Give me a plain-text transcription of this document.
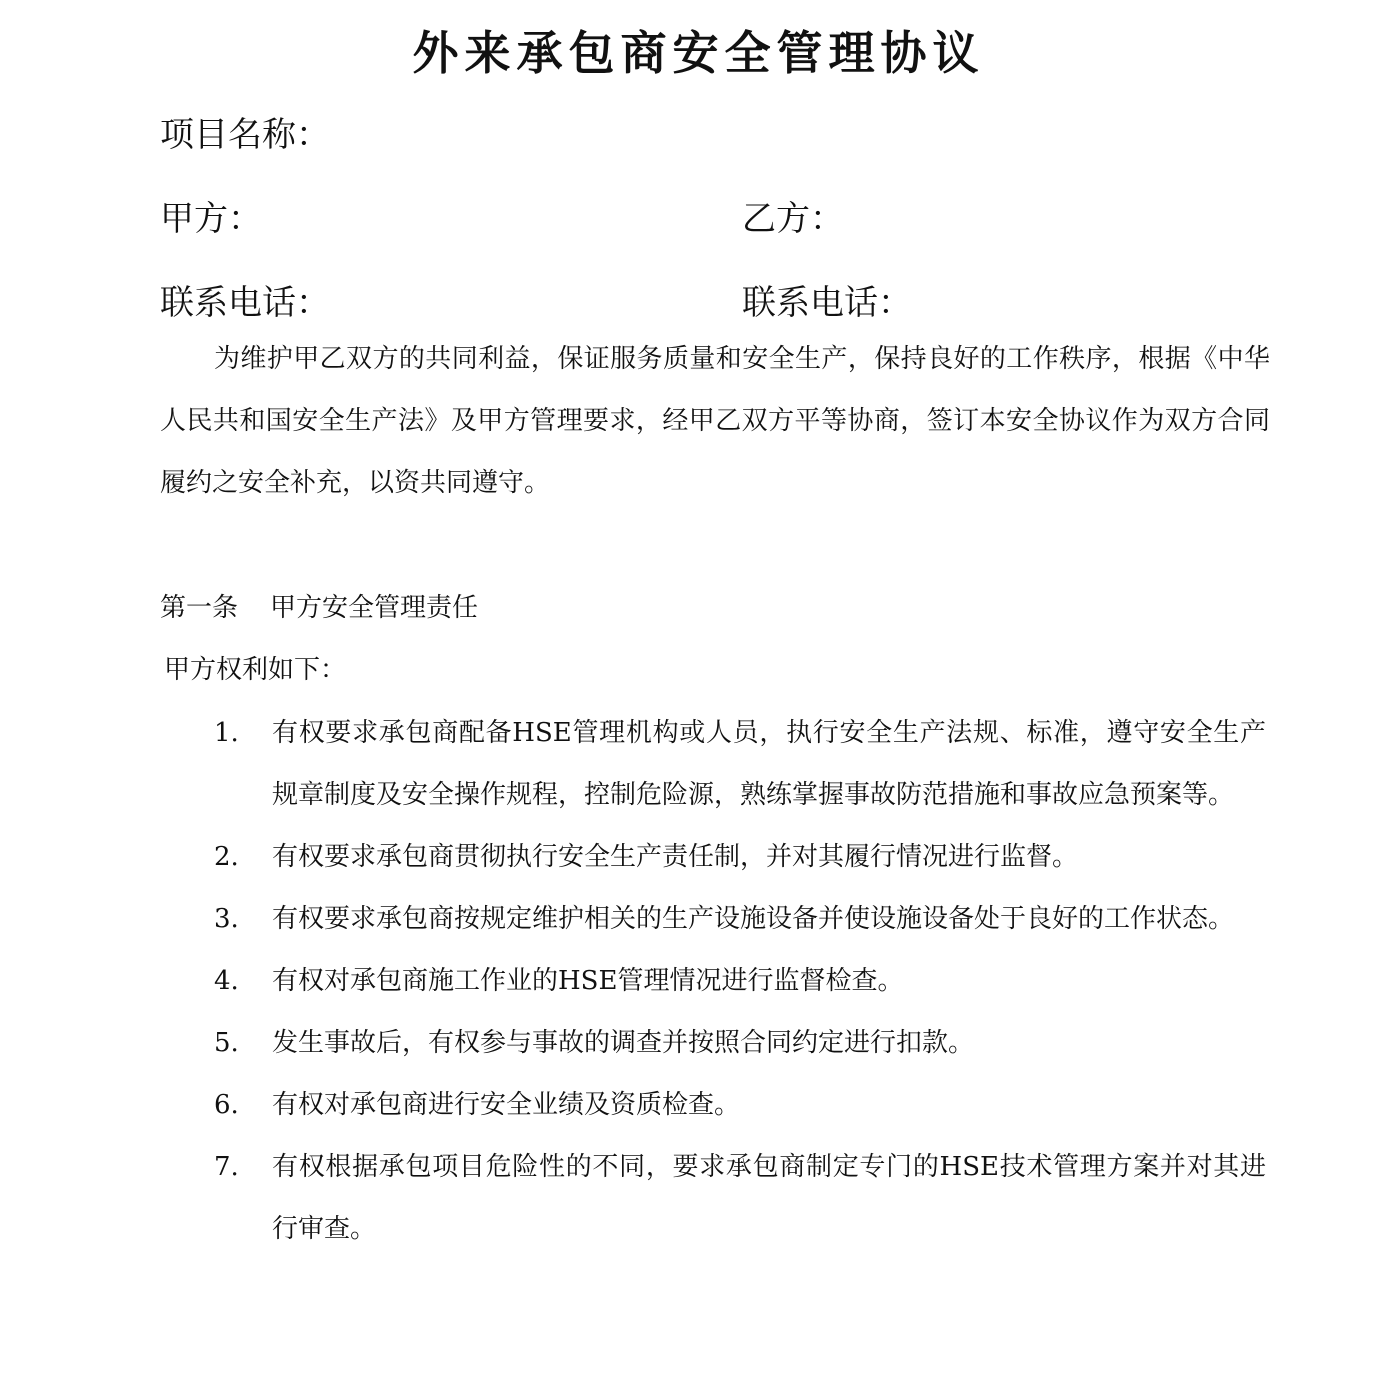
外来承包商安全管理协议
项目名称：
甲方：	乙方：
联系电话：	联系电话：
为维护甲乙双方的共同利益，保证服务质量和安全生产，保持良好的工作秩序，根据《中华人民共和国安全生产法》及甲方管理要求，经甲乙双方平等协商，签订本安全协议作为双方合同履约之安全补充，以资共同遵守。
第一条 甲方安全管理责任
甲方权利如下：
1.	有权要求承包商配备HSE管理机构或人员，执行安全生产法规、标准，遵守安全生产规章制度及安全操作规程，控制危险源，熟练掌握事故防范措施和事故应急预案等。
2.	有权要求承包商贯彻执行安全生产责任制，并对其履行情况进行监督。
3.	有权要求承包商按规定维护相关的生产设施设备并使设施设备处于良好的工作状态。
4.	有权对承包商施工作业的HSE管理情况进行监督检查。
5.	发生事故后，有权参与事故的调查并按照合同约定进行扣款。
6.	有权对承包商进行安全业绩及资质检查。
7.	有权根据承包项目危险性的不同，要求承包商制定专门的HSE技术管理方案并对其进行审查。
